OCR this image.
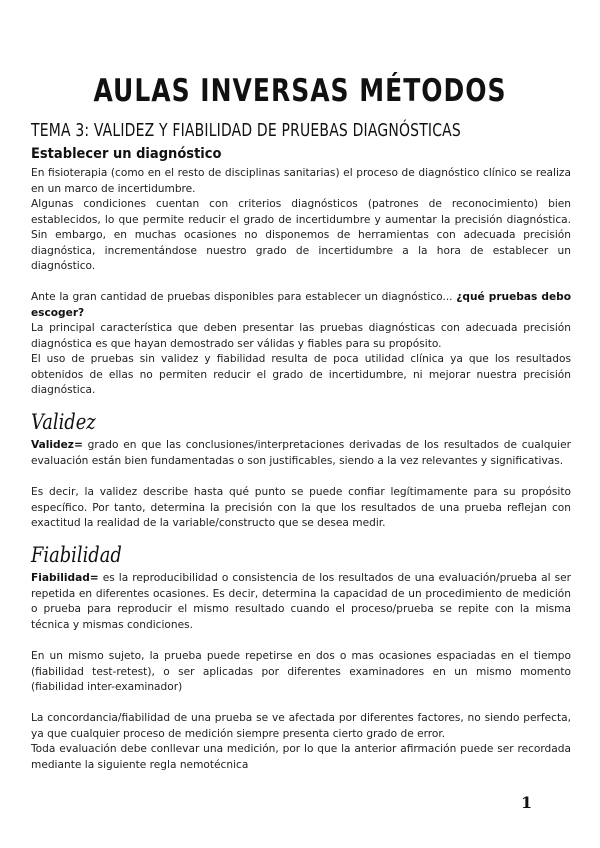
AULAS INVERSAS MÉTODOS
TEMA 3: VALIDEZ Y FIABILIDAD DE PRUEBAS DIAGNÓSTICAS
Establecer un diagnóstico
En fisioterapia (como en el resto de disciplinas sanitarias) el proceso de diagnóstico clínico se realiza en un marco de incertidumbre.
Algunas condiciones cuentan con criterios diagnósticos (patrones de reconocimiento) bien establecidos, lo que permite reducir el grado de incertidumbre y aumentar la precisión diagnóstica. Sin embargo, en muchas ocasiones no disponemos de herramientas con adecuada precisión diagnóstica, incrementándose nuestro grado de incertidumbre a la hora de establecer un diagnóstico.
Ante la gran cantidad de pruebas disponibles para establecer un diagnóstico... ¿qué pruebas debo escoger?
La principal característica que deben presentar las pruebas diagnósticas con adecuada precisión diagnóstica es que hayan demostrado ser válidas y fiables para su propósito.
El uso de pruebas sin validez y fiabilidad resulta de poca utilidad clínica ya que los resultados obtenidos de ellas no permiten reducir el grado de incertidumbre, ni mejorar nuestra precisión diagnóstica.
Validez
Validez= grado en que las conclusiones/interpretaciones derivadas de los resultados de cualquier evaluación están bien fundamentadas o son justificables, siendo a la vez relevantes y significativas.
Es decir, la validez describe hasta qué punto se puede confiar legítimamente para su propósito específico. Por tanto, determina la precisión con la que los resultados de una prueba reflejan con exactitud la realidad de la variable/constructo que se desea medir.
Fiabilidad
Fiabilidad= es la reproducibilidad o consistencia de los resultados de una evaluación/prueba al ser repetida en diferentes ocasiones. Es decir, determina la capacidad de un procedimiento de medición o prueba para reproducir el mismo resultado cuando el proceso/prueba se repite con la misma técnica y mismas condiciones.
En un mismo sujeto, la prueba puede repetirse en dos o mas ocasiones espaciadas en el tiempo (fiabilidad test-retest), o ser aplicadas por diferentes examinadores en un mismo momento (fiabilidad inter-examinador)
La concordancia/fiabilidad de una prueba se ve afectada por diferentes factores, no siendo perfecta, ya que cualquier proceso de medición siempre presenta cierto grado de error.
Toda evaluación debe conllevar una medición, por lo que la anterior afirmación puede ser recordada mediante la siguiente regla nemotécnica
1
